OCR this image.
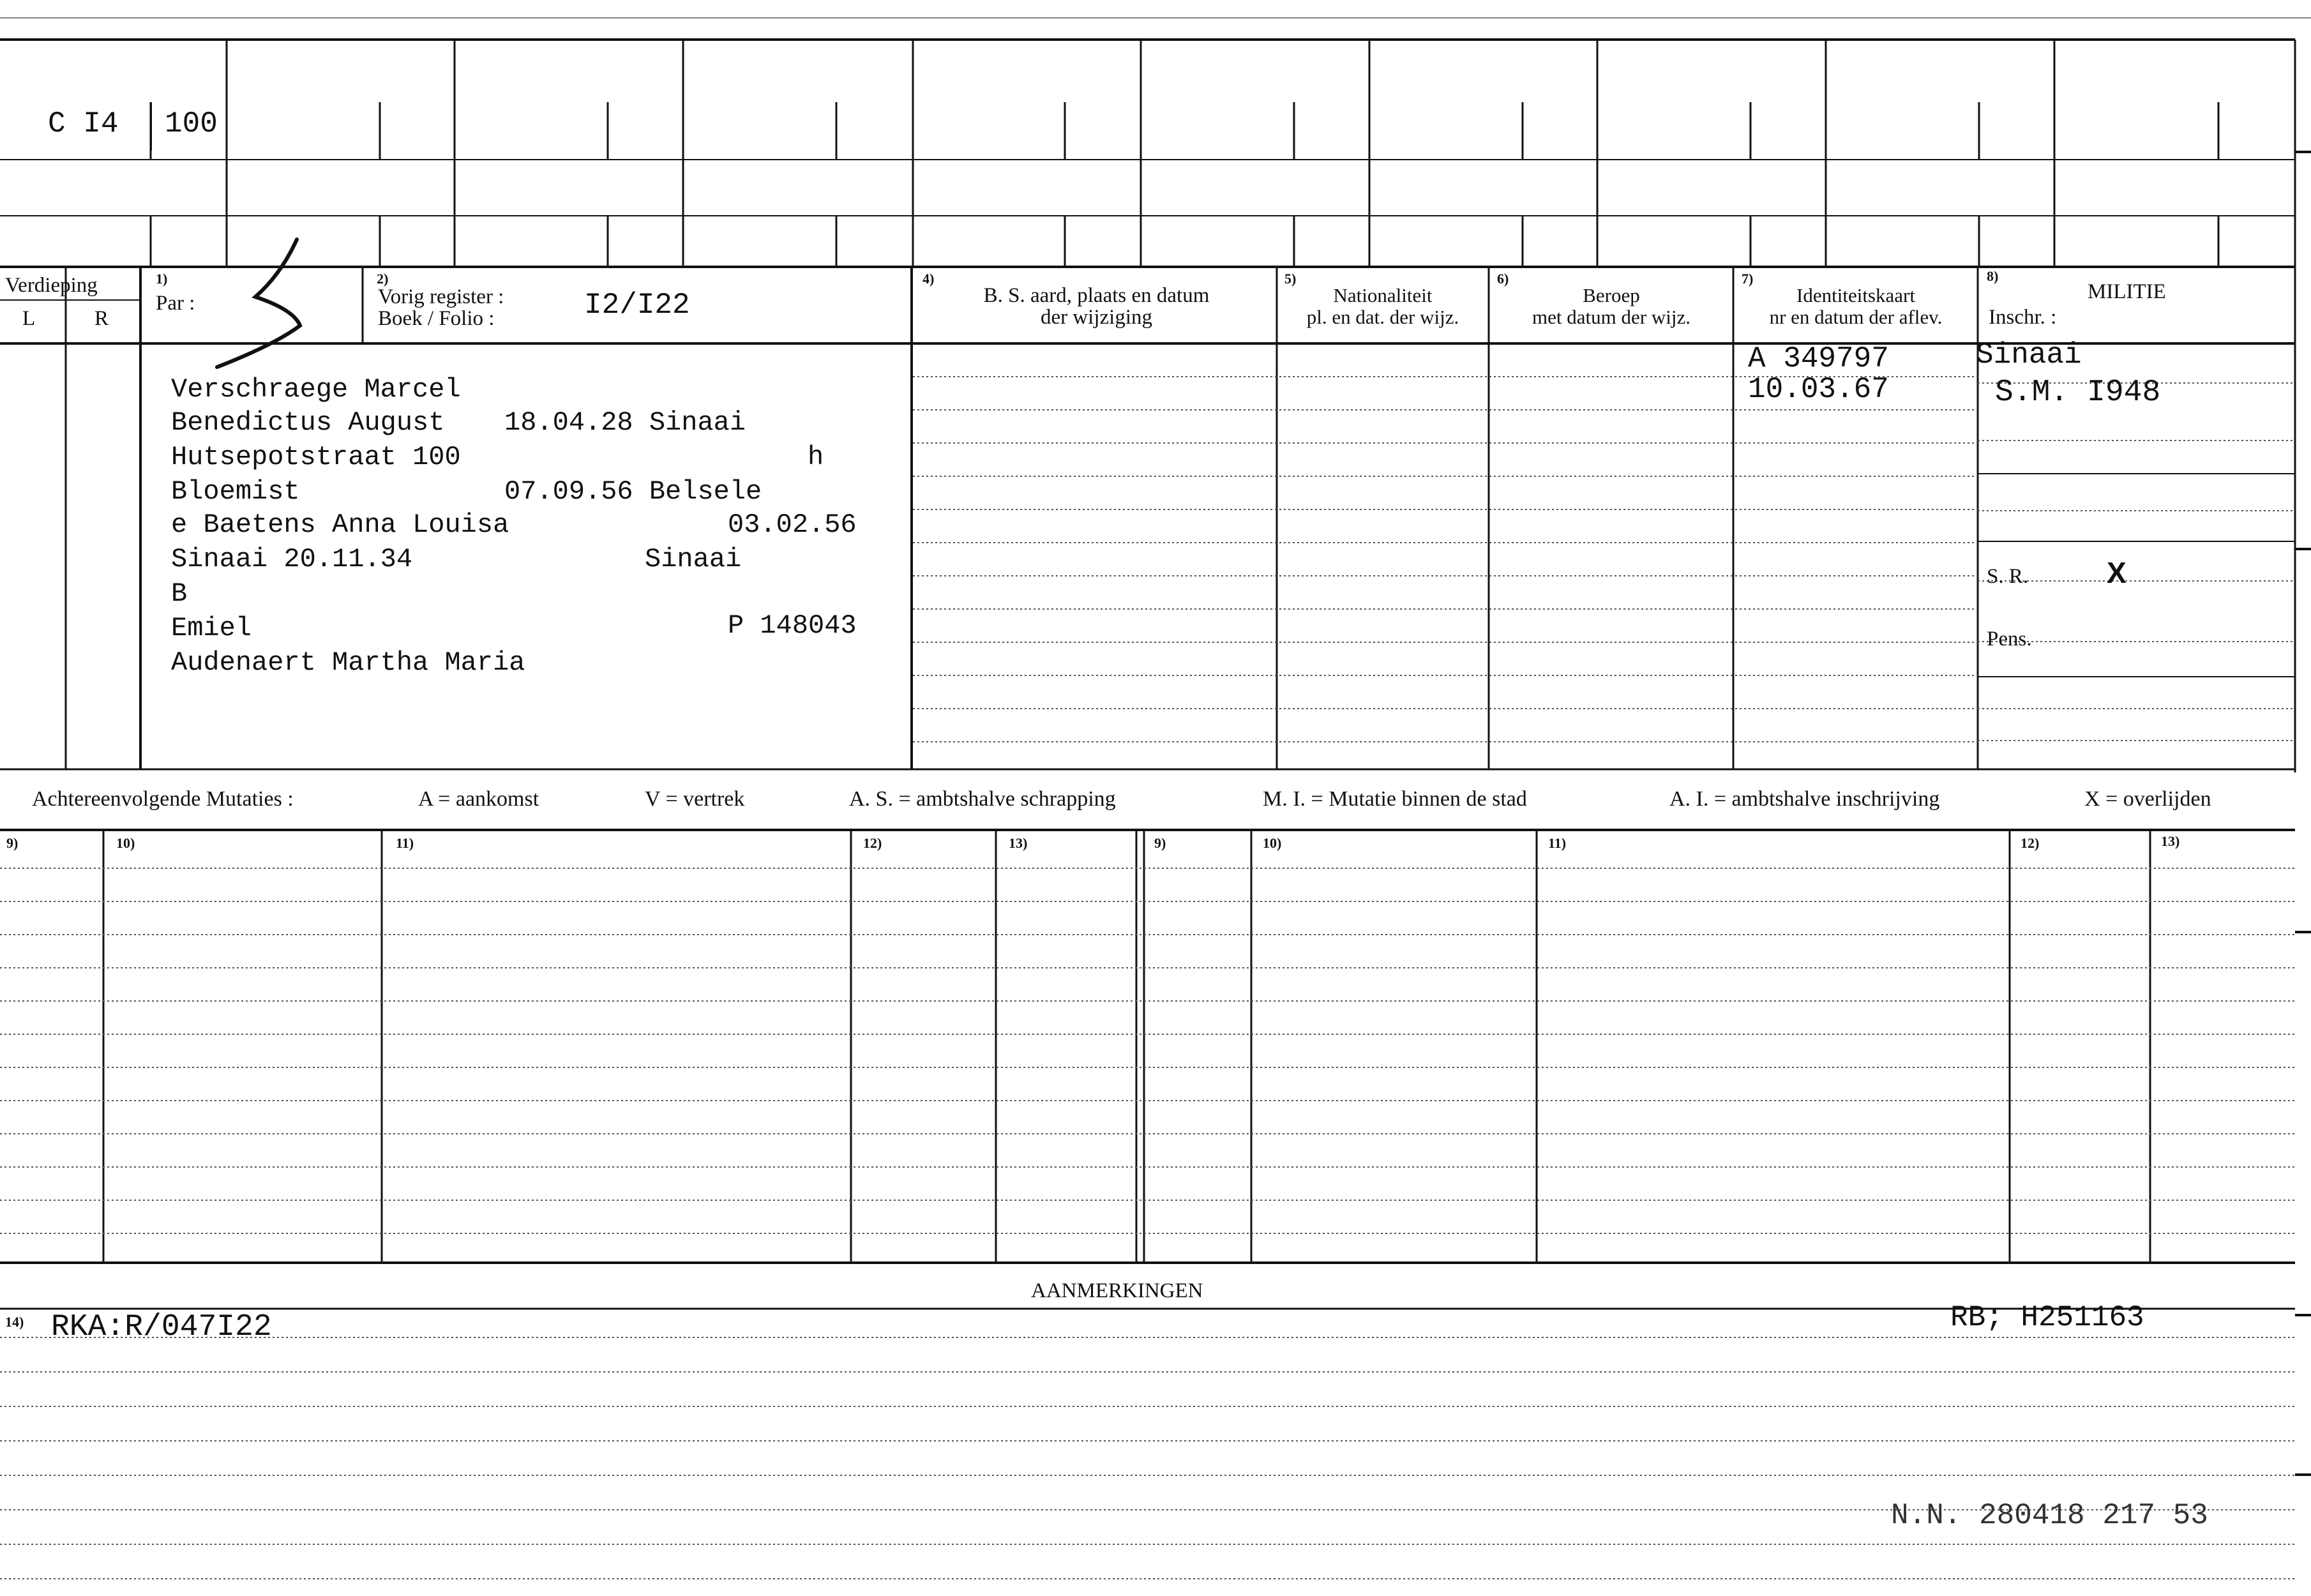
C I4 100
Verdieping
L	R
1)
Par :
2)
Vorig register :
Boek / Folio :	I2/I22
4)
B. S. aard, plaats en datum
der wijziging
5)
Nationaliteit
pl. en dat. der wijz.
6)
Beroep
met datum der wijz.
7)
Identiteitskaart
nr en datum der aflev.
8)
MILITIE
Inschr. :
Verschraege Marcel
Benedictus August 18.04.28 Sinaai
Hutsepotstraat 100	h
Bloemist	07.09.56 Belsele
e Baetens Anna Louisa	03.02.56
Sinaai 20.11.34	Sinaai
B
Emiel	P 148043
Audenaert Martha Maria
A 349797
10.03.67
Sinaai
S.M. I948
S. R.	X
Pens.
Achtereenvolgende Mutaties :	A = aankomst	V = vertrek	A. S. = ambtshalve schrapping	M. I. = Mutatie binnen de stad	A. I. = ambtshalve inschrijving	X = overlijden
9)	10)	11)	12)	13)	9)	10)	11)	12)	13)
AANMERKINGEN
14) RKA:R/047I22	RB; H251163
N.N. 280418 217 53
